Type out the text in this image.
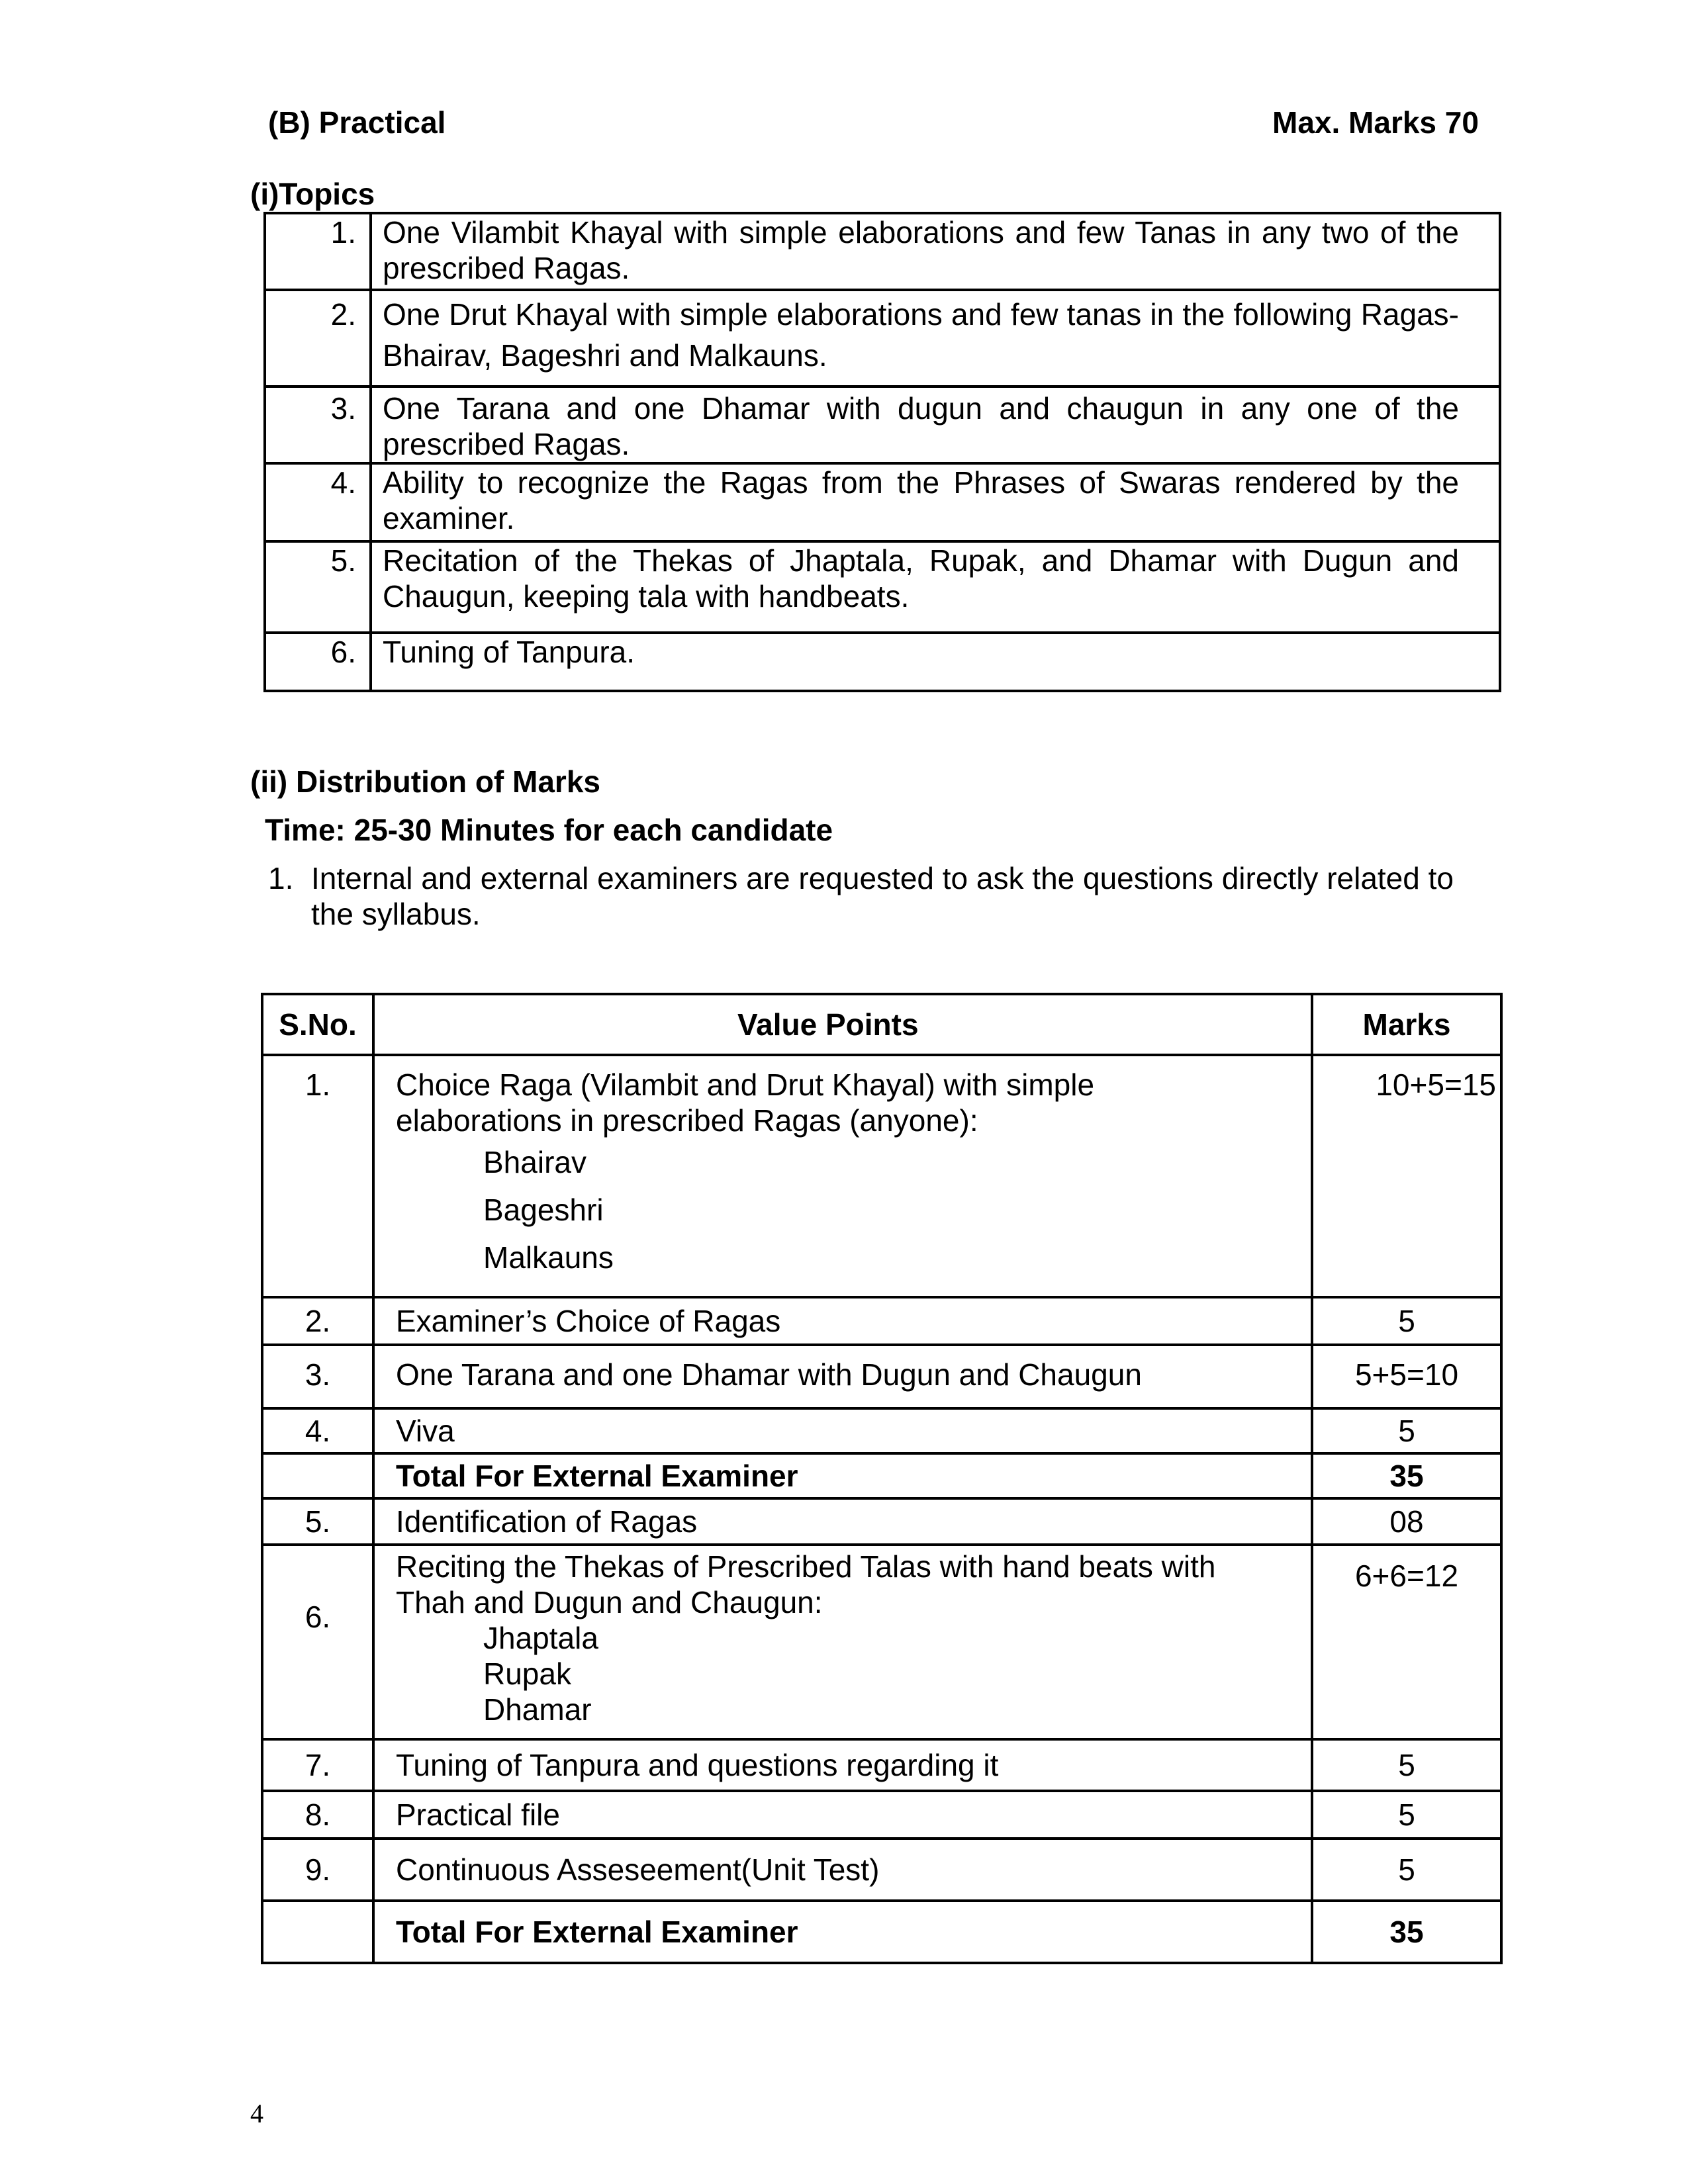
(B) Practical	Max. Marks 70
(i)Topics
1.	One Vilambit Khayal with simple elaborations and few Tanas in any two of the prescribed Ragas.
2.	One Drut Khayal with simple elaborations and few tanas in the following Ragas-Bhairav, Bageshri and Malkauns.
3.	One Tarana and one Dhamar with dugun and chaugun in any one of the prescribed Ragas.
4.	Ability to recognize the Ragas from the Phrases of Swaras rendered by the examiner.
5.	Recitation of the Thekas of Jhaptala, Rupak, and Dhamar with Dugun and Chaugun, keeping tala with handbeats.
6.	Tuning of Tanpura.
(ii) Distribution of Marks
Time: 25-30 Minutes for each candidate
1. Internal and external examiners are requested to ask the questions directly related to
the syllabus.
S.No.	Value Points	Marks
1.	Choice Raga (Vilambit and Drut Khayal) with simple
elaborations in prescribed Ragas (anyone):
Bhairav
Bageshri
Malkauns	10+5=15
2.	Examiner’s Choice of Ragas	5
3.	One Tarana and one Dhamar with Dugun and Chaugun	5+5=10
4.	Viva	5
	Total For External Examiner	35
5.	Identification of Ragas	08
6.	Reciting the Thekas of Prescribed Talas with hand beats with
Thah and Dugun and Chaugun:
Jhaptala
Rupak
Dhamar	6+6=12
7.	Tuning of Tanpura and questions regarding it	5
8.	Practical file	5
9.	Continuous Asseseement(Unit Test)	5
	Total For External Examiner	35
4
